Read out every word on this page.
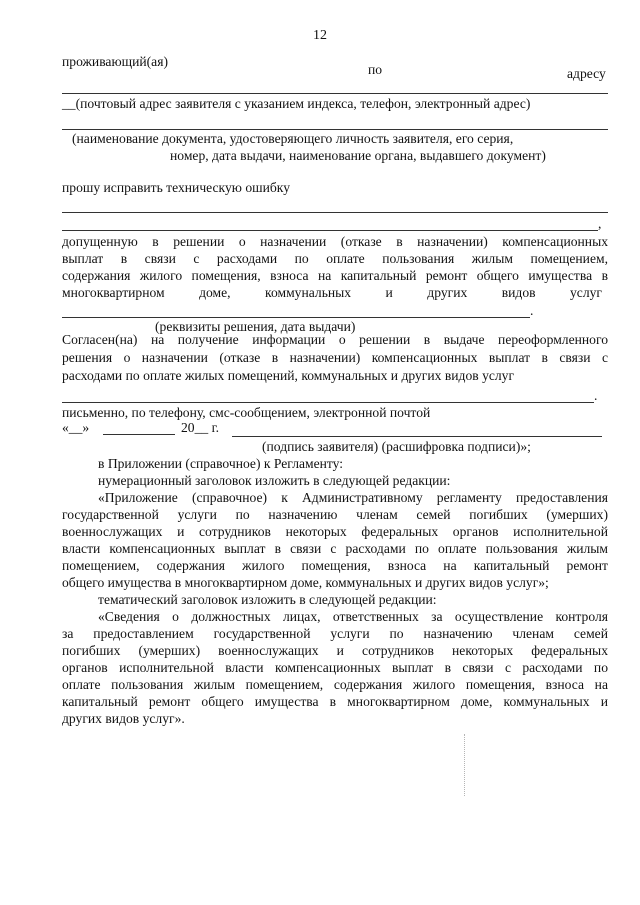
12
проживающий(ая)
по	адресу
__(почтовый адрес заявителя с указанием индекса, телефон, электронный адрес)
(наименование документа, удостоверяющего личность заявителя, его серия,
номер, дата выдачи, наименование органа, выдавшего документ)
прошу исправить техническую ошибку
,
допущенную в решении о назначении (отказе в назначении) компенсационных
выплат в связи с расходами по оплате пользования жилым помещением,
содержания жилого помещения, взноса на капитальный ремонт общего имущества в
многоквартирном доме, коммунальных и других видов услуг
.
(реквизиты решения, дата выдачи)
Согласен(на) на получение информации о решении в выдаче переоформленного
решения о назначении (отказе в назначении) компенсационных выплат в связи с
расходами по оплате жилых помещений, коммунальных и других видов услуг
.
письменно, по телефону, смс-сообщением, электронной почтой
«__»	20__ г.
(подпись заявителя) (расшифровка подписи)»;
в Приложении (справочное) к Регламенту:
нумерационный заголовок изложить в следующей редакции:
«Приложение (справочное) к Административному регламенту предоставления
государственной услуги по назначению членам семей погибших (умерших)
военнослужащих и сотрудников некоторых федеральных органов исполнительной
власти компенсационных выплат в связи с расходами по оплате пользования жилым
помещением, содержания жилого помещения, взноса на капитальный ремонт
общего имущества в многоквартирном доме, коммунальных и других видов услуг»;
тематический заголовок изложить в следующей редакции:
«Сведения о должностных лицах, ответственных за осуществление контроля
за предоставлением государственной услуги по назначению членам семей
погибших (умерших) военнослужащих и сотрудников некоторых федеральных
органов исполнительной власти компенсационных выплат в связи с расходами по
оплате пользования жилым помещением, содержания жилого помещения, взноса на
капитальный ремонт общего имущества в многоквартирном доме, коммунальных и
других видов услуг».
